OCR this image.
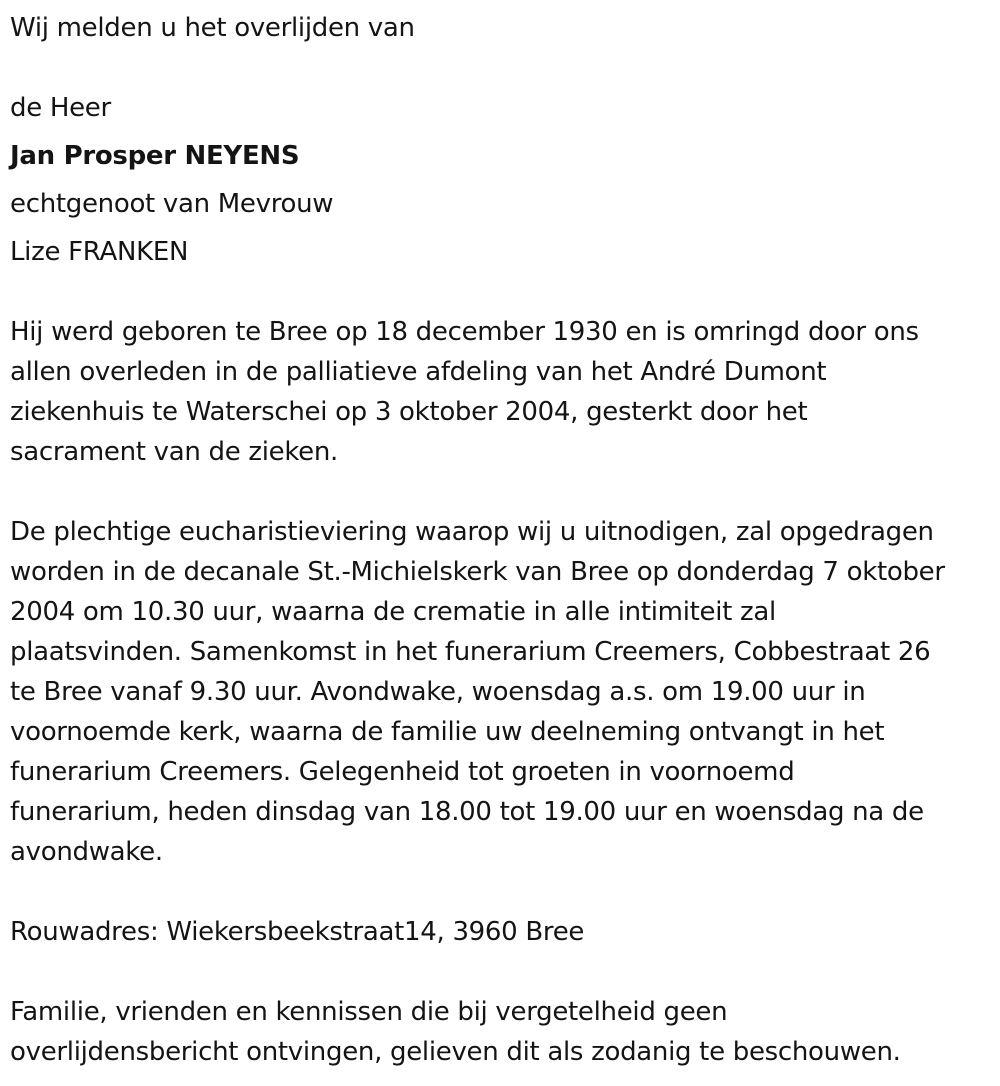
Wij melden u het overlijden van

de Heer

Jan Prosper NEYENS

echtgenoot van Mevrouw

Lize FRANKEN

Hij werd geboren te Bree op 18 december 1930 en is omringd door ons

allen overleden in de palliatieve afdeling van het André Dumont

ziekenhuis te Waterschei op 3 oktober 2004, gesterkt door het

sacrament van de zieken.

De plechtige eucharistieviering waarop wij u uitnodigen, zal opgedragen

worden in de decanale St.-Michielskerk van Bree op donderdag 7 oktober

2004 om 10.30 uur, waarna de crematie in alle intimiteit zal

plaatsvinden. Samenkomst in het funerarium Creemers, Cobbestraat 26

te Bree vanaf 9.30 uur. Avondwake, woensdag a.s. om 19.00 uur in

voornoemde kerk, waarna de familie uw deelneming ontvangt in het

funerarium Creemers. Gelegenheid tot groeten in voornoemd

funerarium, heden dinsdag van 18.00 tot 19.00 uur en woensdag na de

avondwake.

Rouwadres: Wiekersbeekstraat14, 3960 Bree

Familie, vrienden en kennissen die bij vergetelheid geen

overlijdensbericht ontvingen, gelieven dit als zodanig te beschouwen.
